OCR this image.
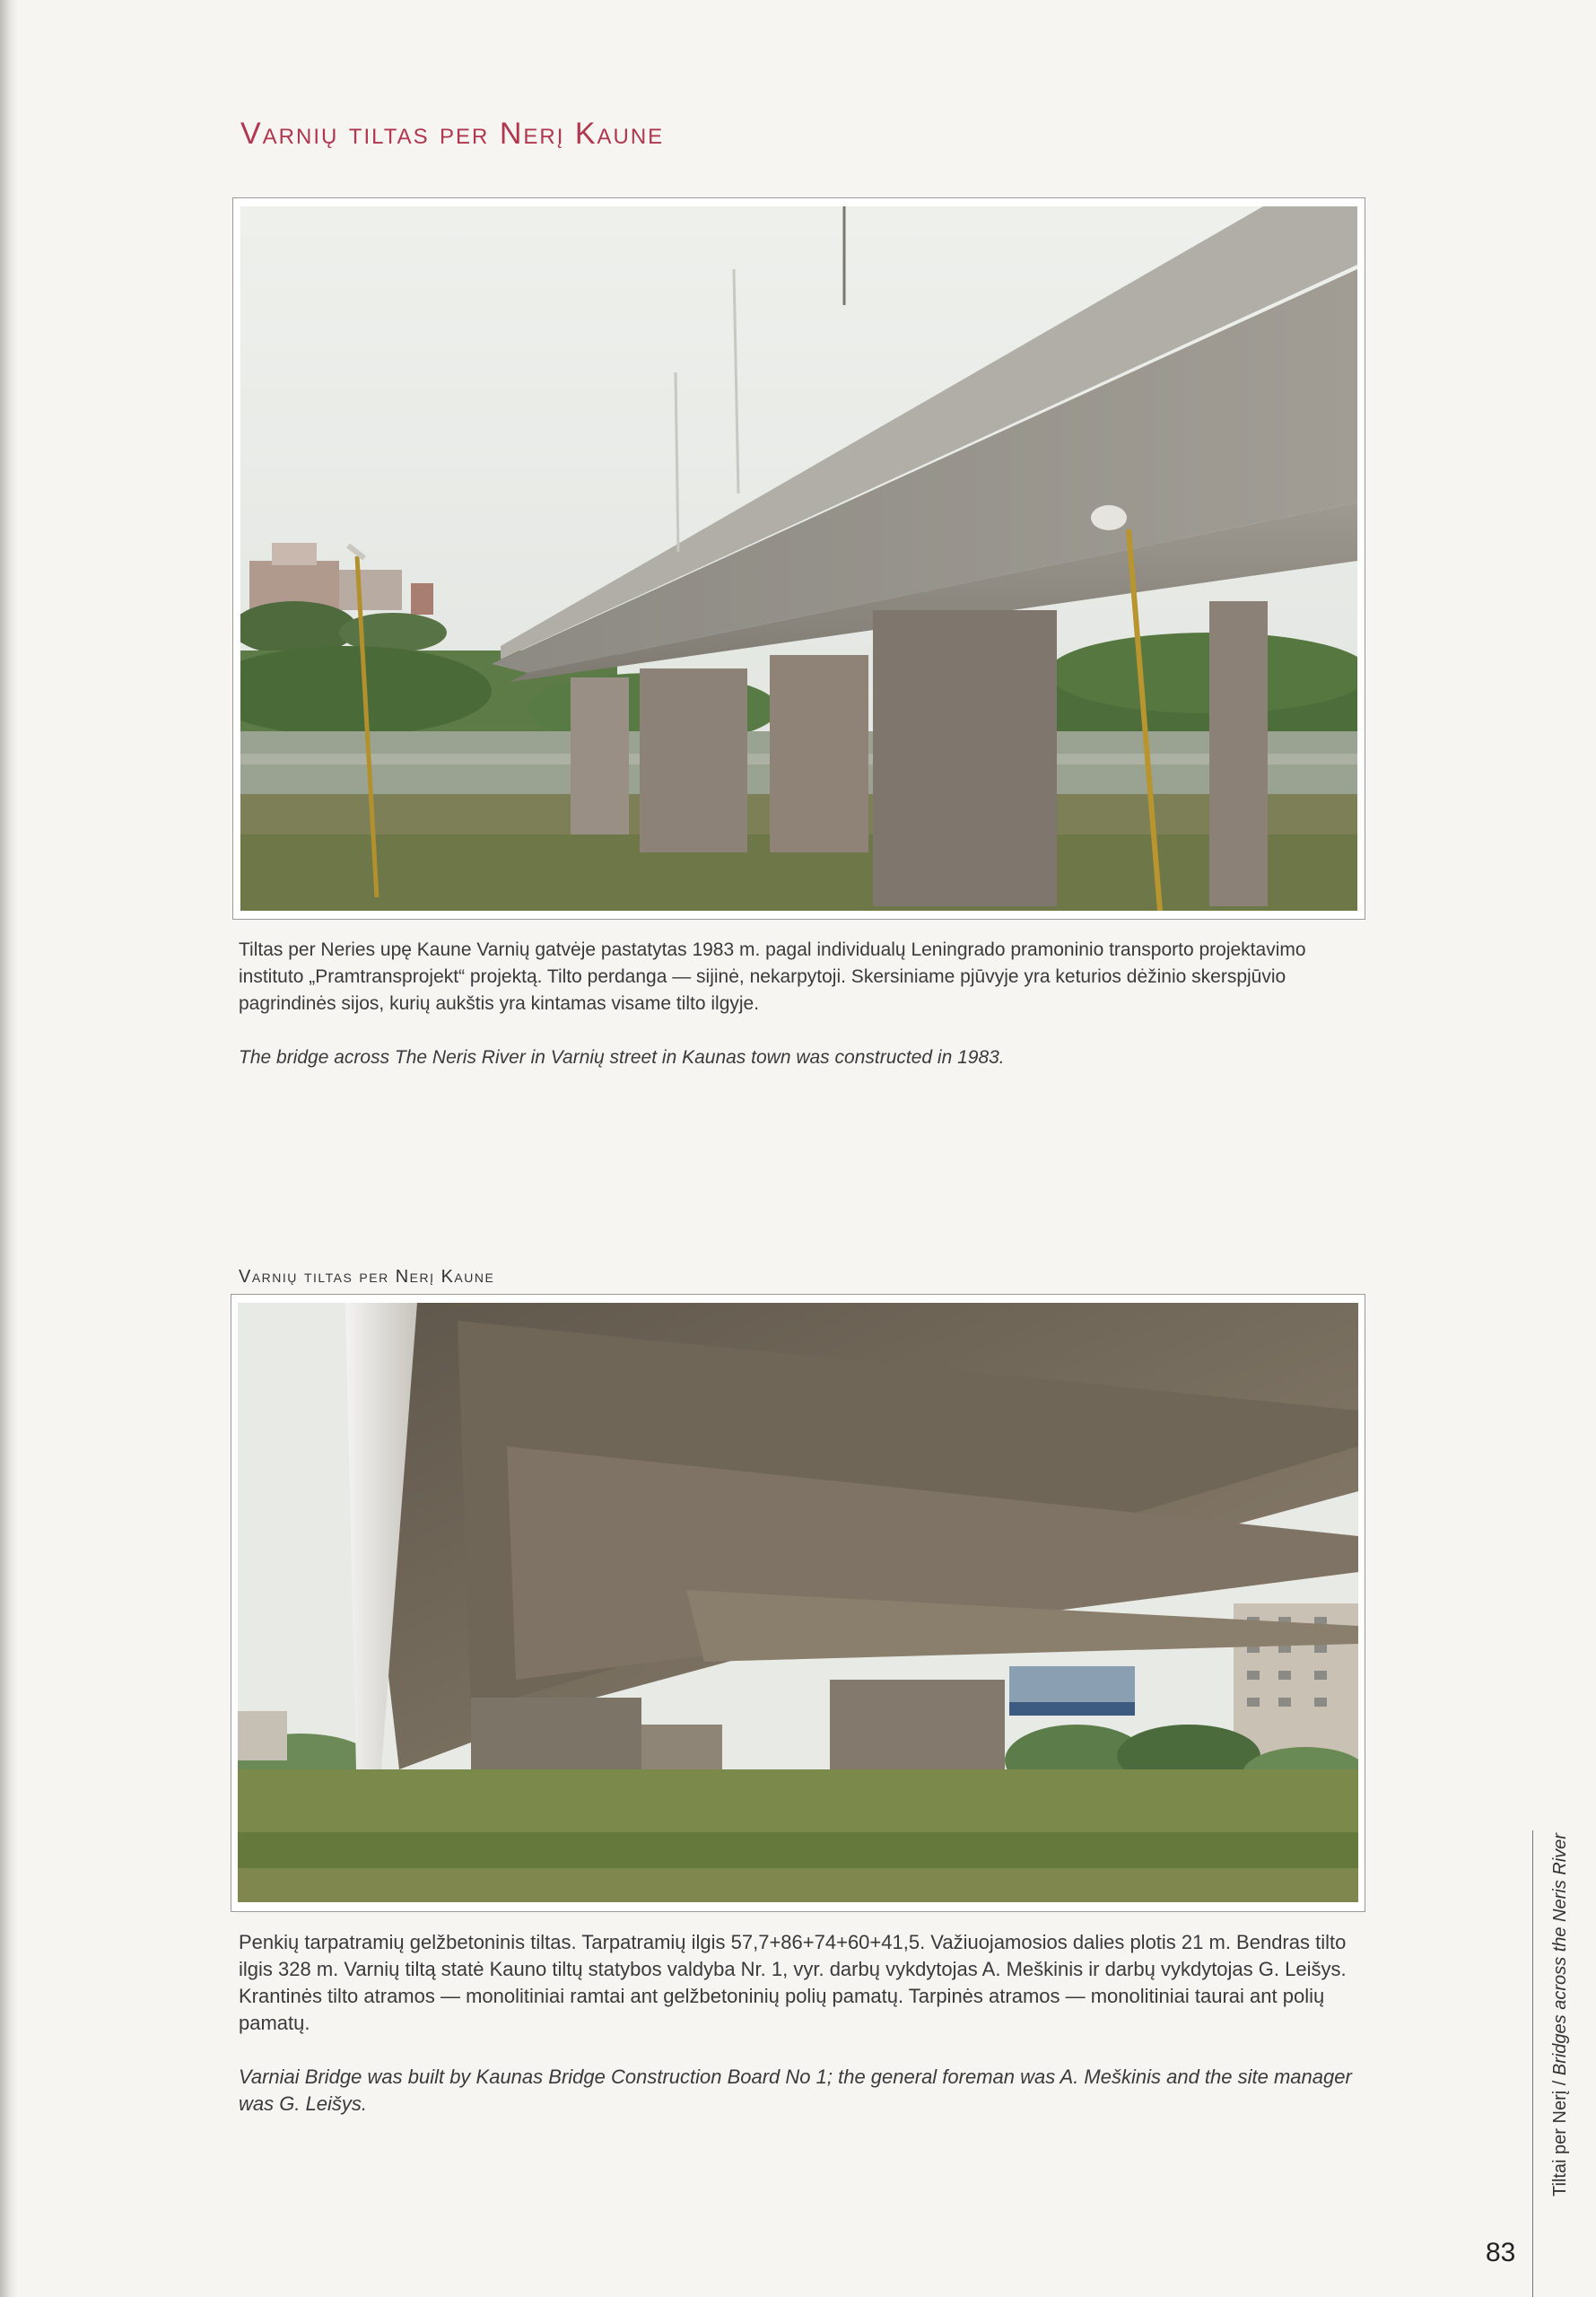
Varnių tiltas per Nerį Kaune

Tiltas per Neries upę Kaune Varnių gatvėje pastatytas 1983 m. pagal individualų Leningrado pramoninio transporto projektavimo instituto „Pramtransprojekt“ projektą. Tilto perdanga — sijinė, nekarpytoji. Skersiniame pjūvyje yra keturios dėžinio skerspjūvio pagrindinės sijos, kurių aukštis yra kintamas visame tilto ilgyje.

The bridge across The Neris River in Varnių street in Kaunas town was constructed in 1983.

Varnių tiltas per Nerį Kaune

Penkių tarpatramių gelžbetoninis tiltas. Tarpatramių ilgis 57,7+86+74+60+41,5. Važiuojamosios dalies plotis 21 m. Bendras tilto ilgis 328 m. Varnių tiltą statė Kauno tiltų statybos valdyba Nr. 1, vyr. darbų vykdytojas A. Meškinis ir darbų vykdytojas G. Leišys. Krantinės tilto atramos — monolitiniai ramtai ant gelžbetoninių polių pamatų. Tarpinės atramos — monolitiniai taurai ant polių pamatų.

Varniai Bridge was built by Kaunas Bridge Construction Board No 1; the general foreman was A. Meškinis and the site manager was G. Leišys.	Tiltai per Nerį / Bridges across the Neris River
83
